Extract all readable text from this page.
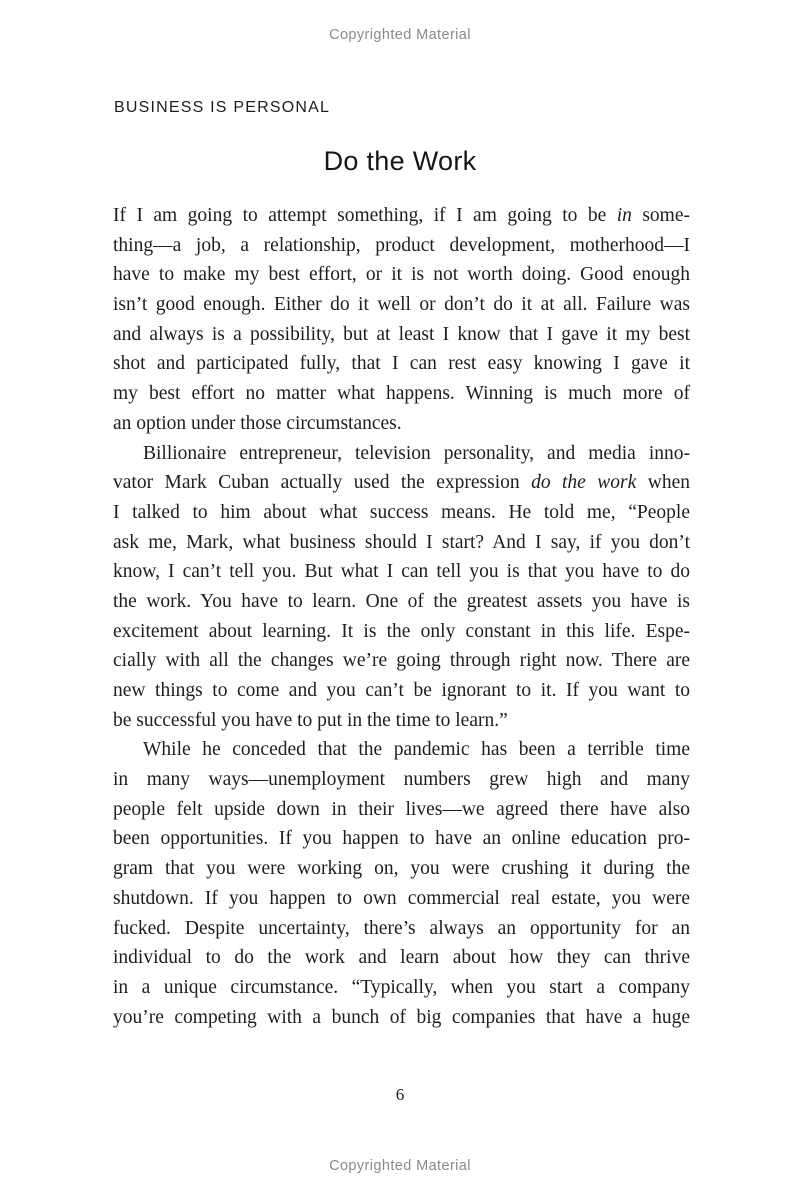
Copyrighted Material
BUSINESS IS PERSONAL
Do the Work
If I am going to attempt something, if I am going to be in some-
thing—a job, a relationship, product development, motherhood—I
have to make my best effort, or it is not worth doing. Good enough
isn’t good enough. Either do it well or don’t do it at all. Failure was
and always is a possibility, but at least I know that I gave it my best
shot and participated fully, that I can rest easy knowing I gave it
my best effort no matter what happens. Winning is much more of
an option under those circumstances.
Billionaire entrepreneur, television personality, and media inno-
vator Mark Cuban actually used the expression do the work when
I talked to him about what success means. He told me, “People
ask me, Mark, what business should I start? And I say, if you don’t
know, I can’t tell you. But what I can tell you is that you have to do
the work. You have to learn. One of the greatest assets you have is
excitement about learning. It is the only constant in this life. Espe-
cially with all the changes we’re going through right now. There are
new things to come and you can’t be ignorant to it. If you want to
be successful you have to put in the time to learn.”
While he conceded that the pandemic has been a terrible time
in many ways—unemployment numbers grew high and many
people felt upside down in their lives—we agreed there have also
been opportunities. If you happen to have an online education pro-
gram that you were working on, you were crushing it during the
shutdown. If you happen to own commercial real estate, you were
fucked. Despite uncertainty, there’s always an opportunity for an
individual to do the work and learn about how they can thrive
in a unique circumstance. “Typically, when you start a company
you’re competing with a bunch of big companies that have a huge
6
Copyrighted Material
